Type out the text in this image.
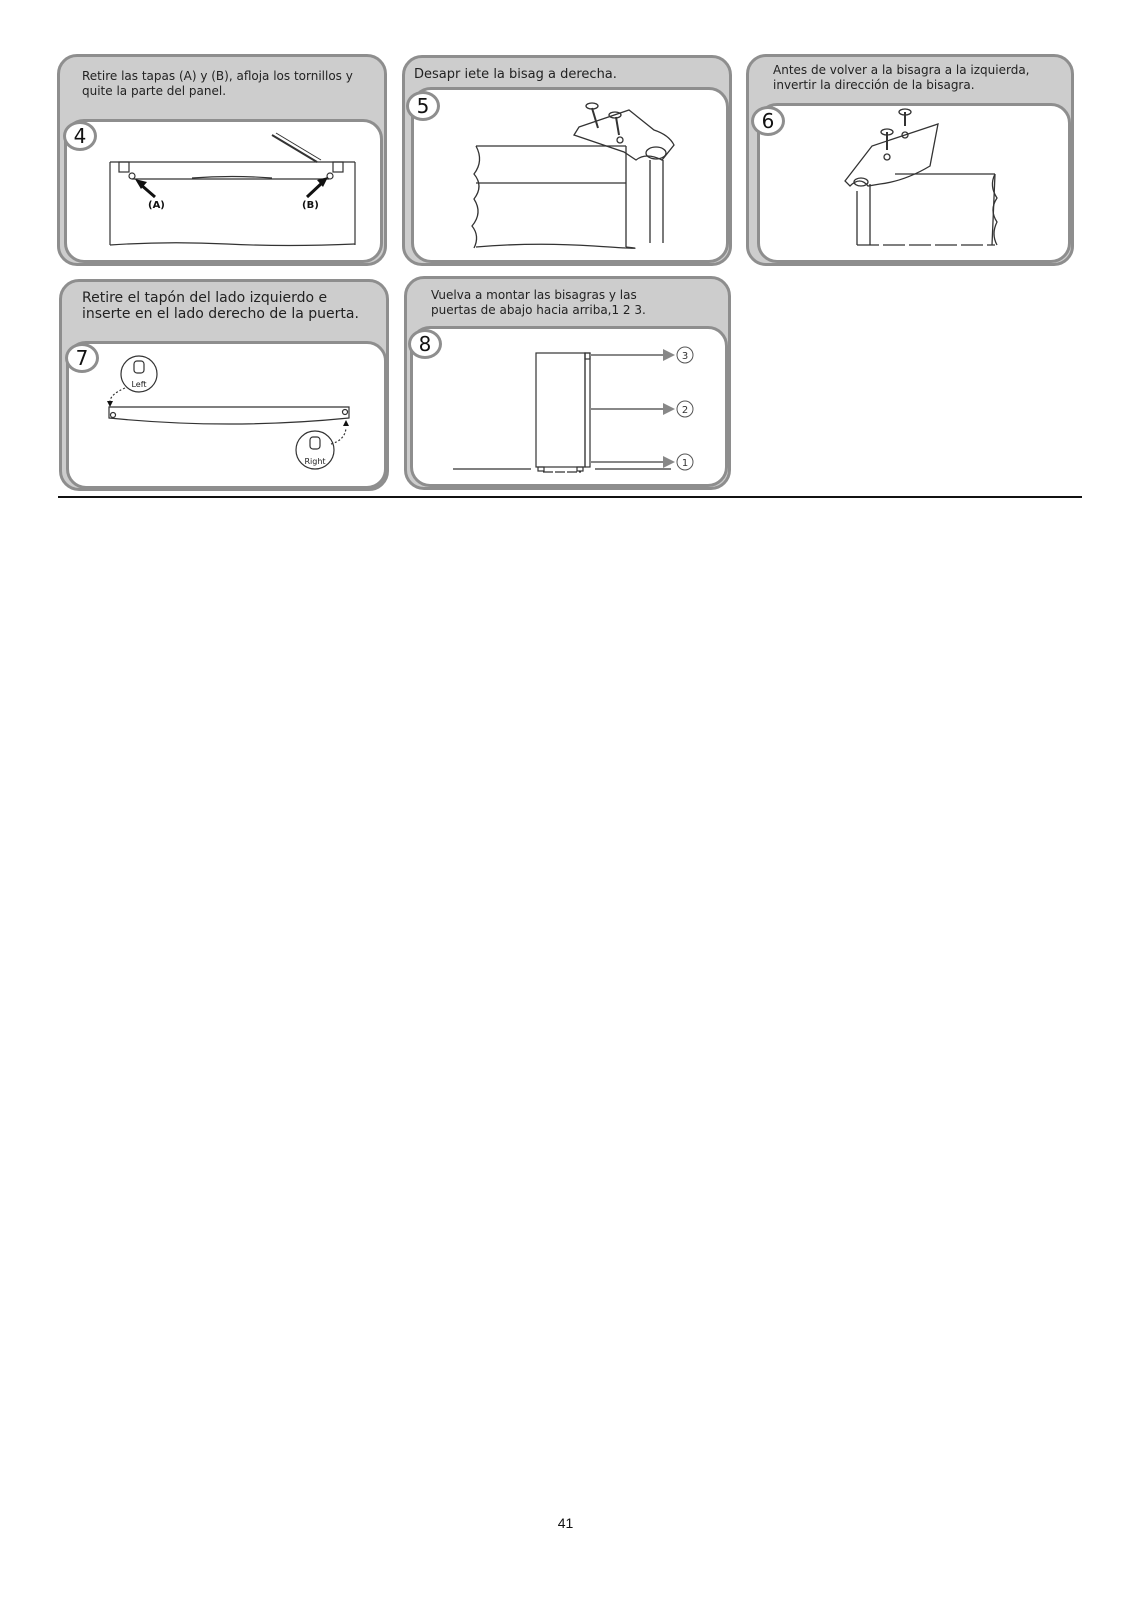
Retire las tapas (A) y (B), afloja los tornillos y
quite la parte del panel.
(A)	(B)
4
Desapr iete la bisag a derecha.
5
Antes de volver a la bisagra a la izquierda,
invertir la dirección de la bisagra.
6
Retire el tapón del lado izquierdo e
inserte en el lado derecho de la puerta.
Left
Right
7
Vuelva a montar las bisagras y las
puertas de abajo hacia arriba,1 2 3.
3
2
1
8
41
